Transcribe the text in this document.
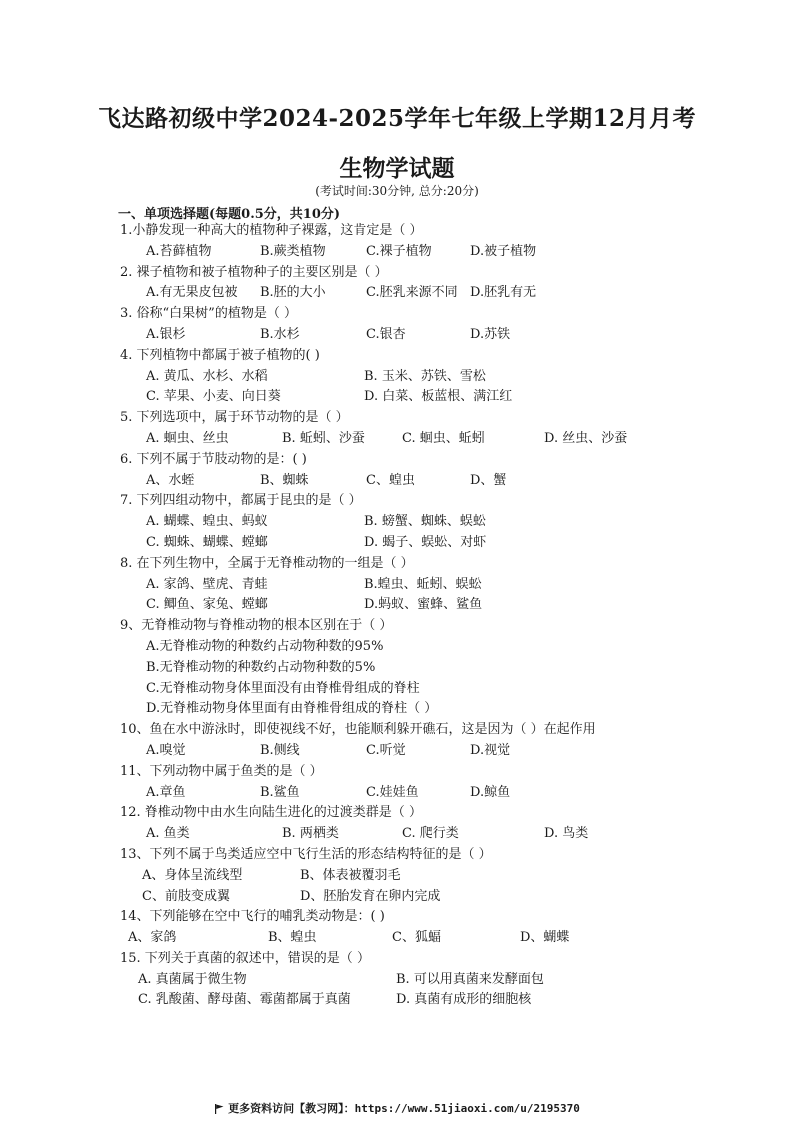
飞达路初级中学2024-2025学年七年级上学期12月月考
生物学试题
(考试时间:30分钟, 总分:20分)
一、单项选择题(每题0.5分，共10分)
1.小静发现一种高大的植物种子裸露，这肯定是（ ）
A.苔藓植物	B.蕨类植物	C.裸子植物	D.被子植物
2. 裸子植物和被子植物种子的主要区别是（ ）
A.有无果皮包被 B.胚的大小	C.胚乳来源不同 D.胚乳有无
3. 俗称“白果树”的植物是（ ）
A.银杉	B.水杉	C.银杏	D.苏铁
4. 下列植物中都属于被子植物的( )
A. 黄瓜、水杉、水稻	B. 玉米、苏铁、雪松
C. 苹果、小麦、向日葵	D. 白菜、板蓝根、满江红
5. 下列选项中，属于环节动物的是（ ）
A. 蛔虫、丝虫	B. 蚯蚓、沙蚕	C. 蛔虫、蚯蚓	D. 丝虫、沙蚕
6. 下列不属于节肢动物的是：( )
A、水蛭	B、蜘蛛	C、蝗虫	D、蟹
7. 下列四组动物中，都属于昆虫的是（ ）
A. 蝴蝶、蝗虫、蚂蚁	B. 螃蟹、蜘蛛、蜈蚣
C. 蜘蛛、蝴蝶、螳螂	D. 蝎子、蜈蚣、对虾
8. 在下列生物中，全属于无脊椎动物的一组是（ ）
A. 家鸽、壁虎、青蛙	B.蝗虫、蚯蚓、蜈蚣
C. 鲫鱼、家兔、螳螂	D.蚂蚁、蜜蜂、鲨鱼
9、无脊椎动物与脊椎动物的根本区别在于（ ）
A.无脊椎动物的种数约占动物种数的95%
B.无脊椎动物的种数约占动物种数的5%
C.无脊椎动物身体里面没有由脊椎骨组成的脊柱
D.无脊椎动物身体里面有由脊椎骨组成的脊柱（ ）
10、鱼在水中游泳时，即使视线不好，也能顺利躲开礁石，这是因为（ ）在起作用
A.嗅觉	B.侧线	C.听觉	D.视觉
11、下列动物中属于鱼类的是（ ）
A.章鱼	B.鲨鱼	C.娃娃鱼	D.鲸鱼
12. 脊椎动物中由水生向陆生进化的过渡类群是（ ）
A. 鱼类	B. 两栖类	C. 爬行类	D. 鸟类
13、下列不属于鸟类适应空中飞行生活的形态结构特征的是（ ）
A、身体呈流线型	B、体表被覆羽毛
C、前肢变成翼	D、胚胎发育在卵内完成
14、下列能够在空中飞行的哺乳类动物是：( )
A、家鸽	B、蝗虫	C、狐蝠	D、蝴蝶
15. 下列关于真菌的叙述中，错误的是（ ）
A. 真菌属于微生物	B. 可以用真菌来发酵面包
C. 乳酸菌、酵母菌、霉菌都属于真菌	D. 真菌有成形的细胞核
更多资料访问【教习网】：https://www.51jiaoxi.com/u/2195370
